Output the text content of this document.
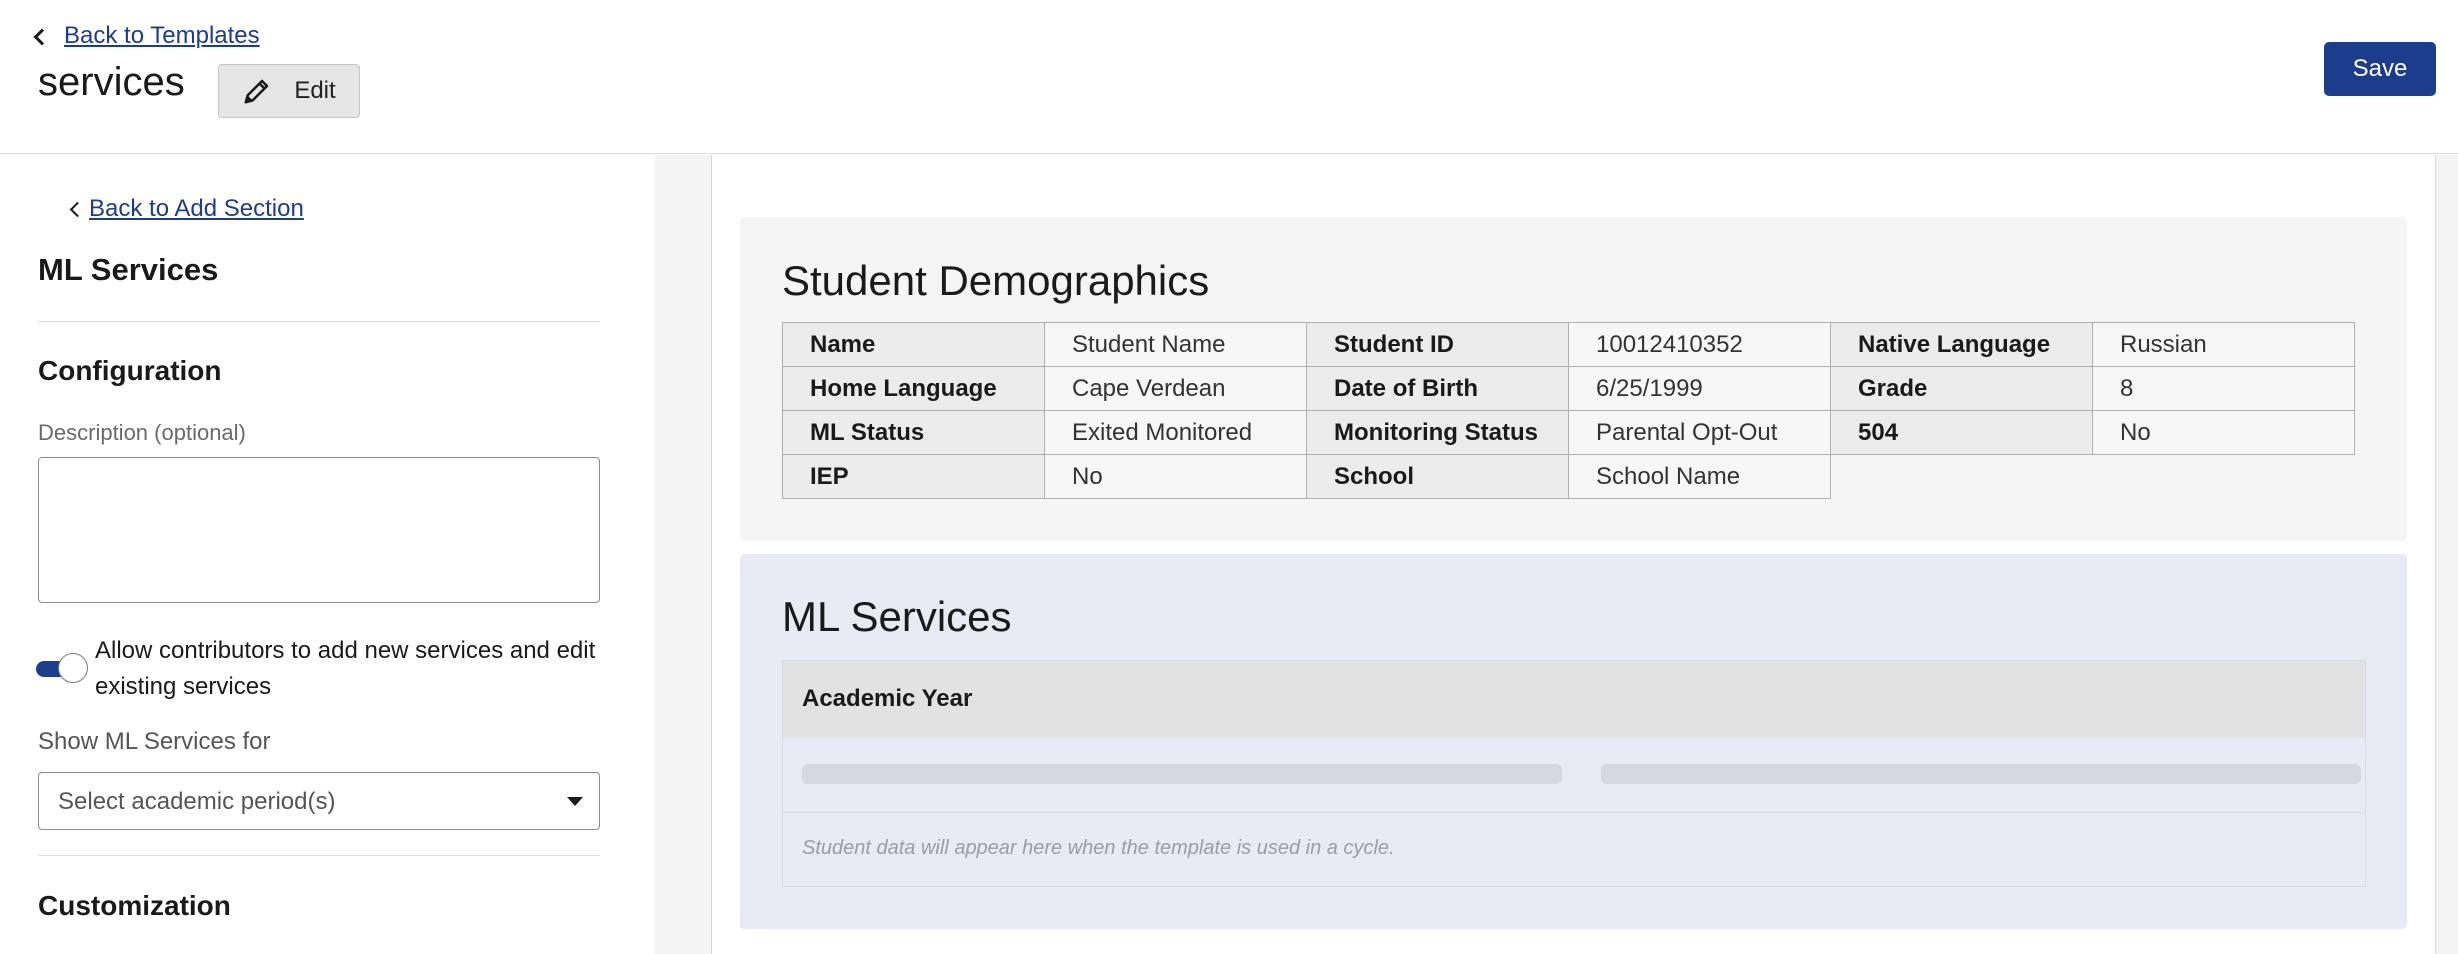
Back to Templates
services	Edit
Save
Back to Add Section
ML Services
Configuration
Description (optional)
Allow contributors to add new services and edit existing services
Show ML Services for
Select academic period(s)
Customization
Student Demographics
Name	Student Name	Student ID	10012410352	Native Language	Russian
Home Language	Cape Verdean	Date of Birth	6/25/1999	Grade	8
ML Status	Exited Monitored	Monitoring Status	Parental Opt-Out	504	No
IEP	No	School	School Name		
ML Services
Academic Year
Student data will appear here when the template is used in a cycle.
